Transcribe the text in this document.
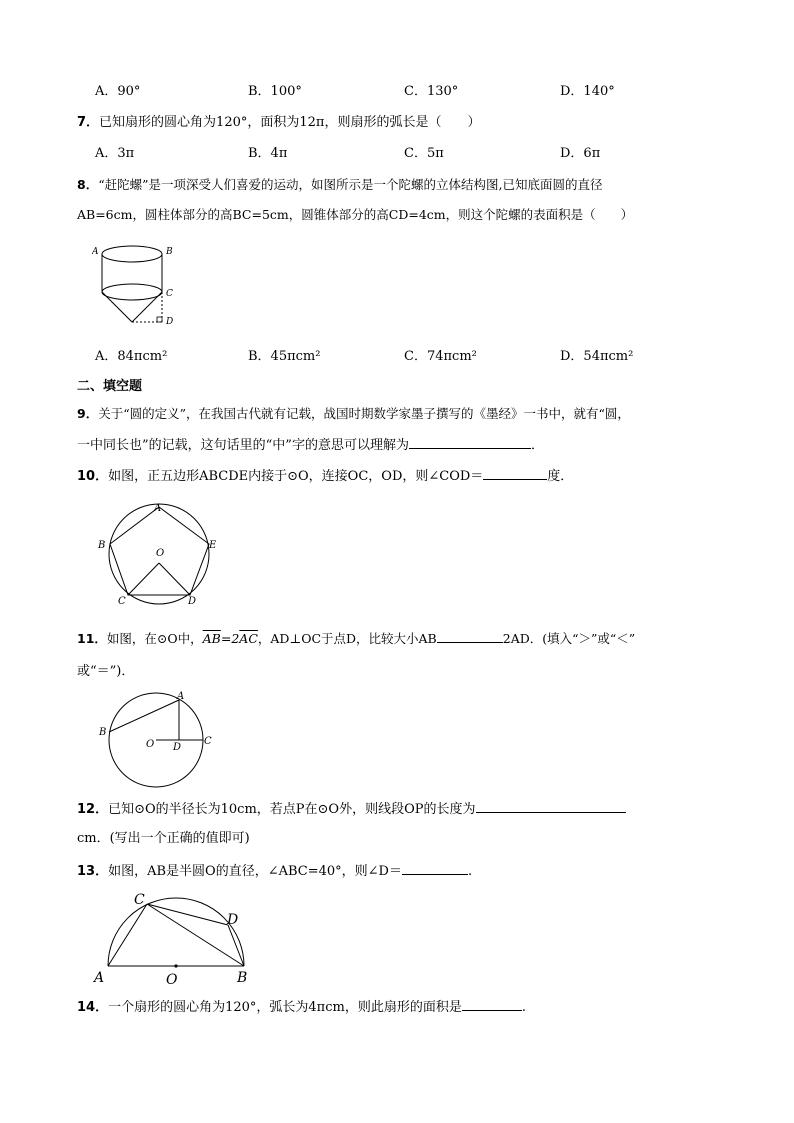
A．90°	B．100°	C．130°	D．140°
7．已知扇形的圆心角为120°，面积为12π，则扇形的弧长是（　　）
A．3π	B．4π	C．5π	D．6π
8．“赶陀螺”是一项深受人们喜爱的运动，如图所示是一个陀螺的立体结构图,已知底面圆的直径
AB=6cm，圆柱体部分的高BC=5cm，圆锥体部分的高CD=4cm，则这个陀螺的表面积是（　　）
A	B
C
D
A．84πcm²	B．45πcm²	C．74πcm²	D．54πcm²
二、填空题
9．关于“圆的定义”，在我国古代就有记载，战国时期数学家墨子撰写的《墨经》一书中，就有“圆，
一中同长也”的记载，这句话里的“中”字的意思可以理解为	．
10．如图，正五边形ABCDE内接于⊙O，连接OC，OD，则∠COD＝	度．
A
B	E
O
C	D
11．如图，在⊙O中，$\overline{AB}=2\overline{AC}$，AD⊥OC于点D，比较大小AB	2AD．(填入“＞”或“＜”
或“＝”)．
A
B
O D
C
12．已知⊙O的半径长为10cm，若点P在⊙O外，则线段OP的长度为
cm．(写出一个正确的值即可)
13．如图，AB是半圆O的直径，∠ABC=40°，则∠D＝	.
C
D
A	O	B
14．一个扇形的圆心角为120°，弧长为4πcm，则此扇形的面积是	.
